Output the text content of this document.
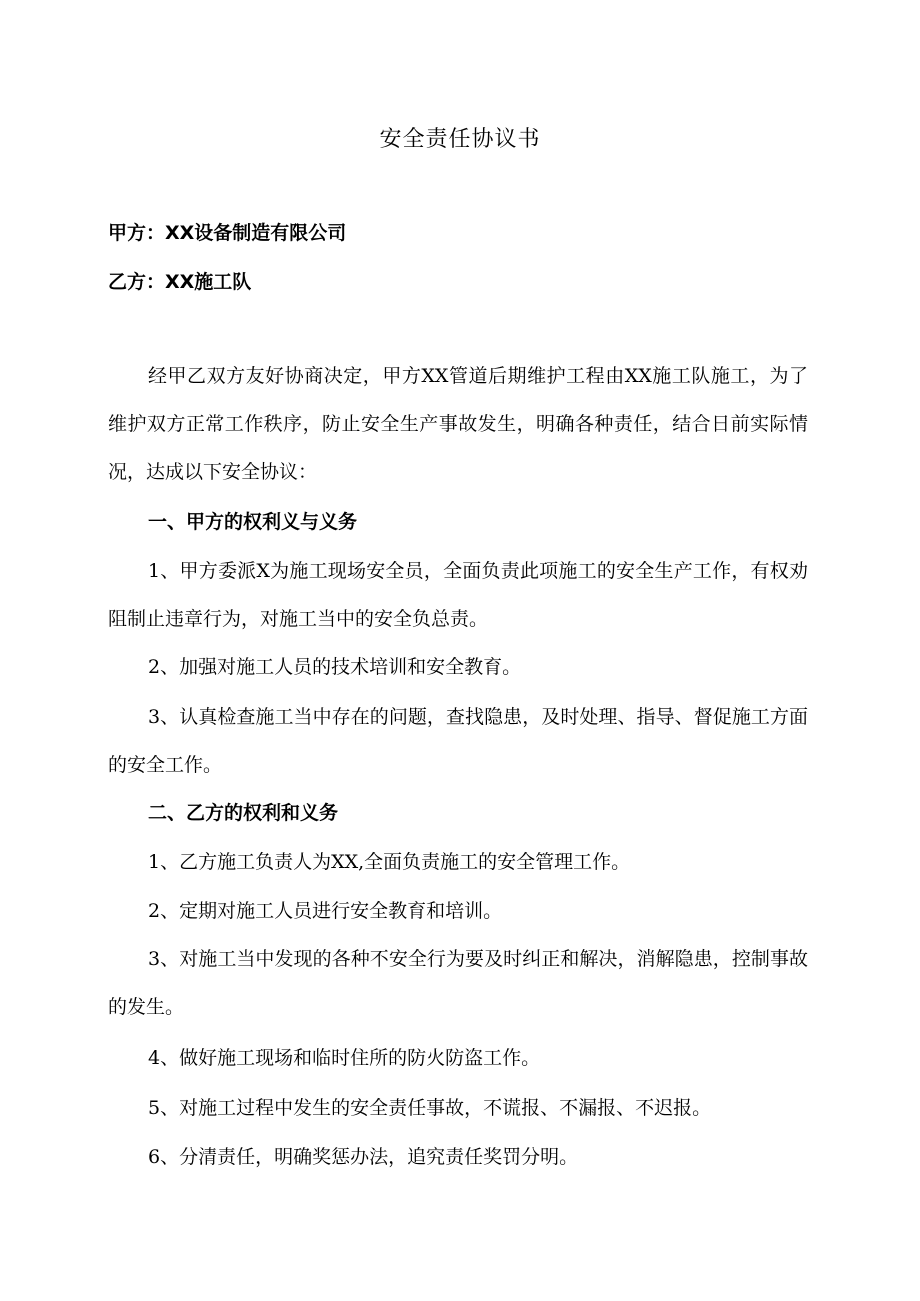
安全责任协议书
甲方：XX设备制造有限公司
乙方：XX施工队
经甲乙双方友好协商决定，甲方XX管道后期维护工程由XX施工队施工，为了维护双方正常工作秩序，防止安全生产事故发生，明确各种责任，结合日前实际情况，达成以下安全协议：
一、甲方的权利义与义务
1、甲方委派X为施工现场安全员，全面负责此项施工的安全生产工作，有权劝阻制止违章行为，对施工当中的安全负总责。
2、加强对施工人员的技术培训和安全教育。
3、认真检查施工当中存在的问题，查找隐患，及时处理、指导、督促施工方面的安全工作。
二、乙方的权利和义务
1、乙方施工负责人为XX,全面负责施工的安全管理工作。
2、定期对施工人员进行安全教育和培训。
3、对施工当中发现的各种不安全行为要及时纠正和解决，消解隐患，控制事故的发生。
4、做好施工现场和临时住所的防火防盗工作。
5、对施工过程中发生的安全责任事故，不谎报、不漏报、不迟报。
6、分清责任，明确奖惩办法，追究责任奖罚分明。
